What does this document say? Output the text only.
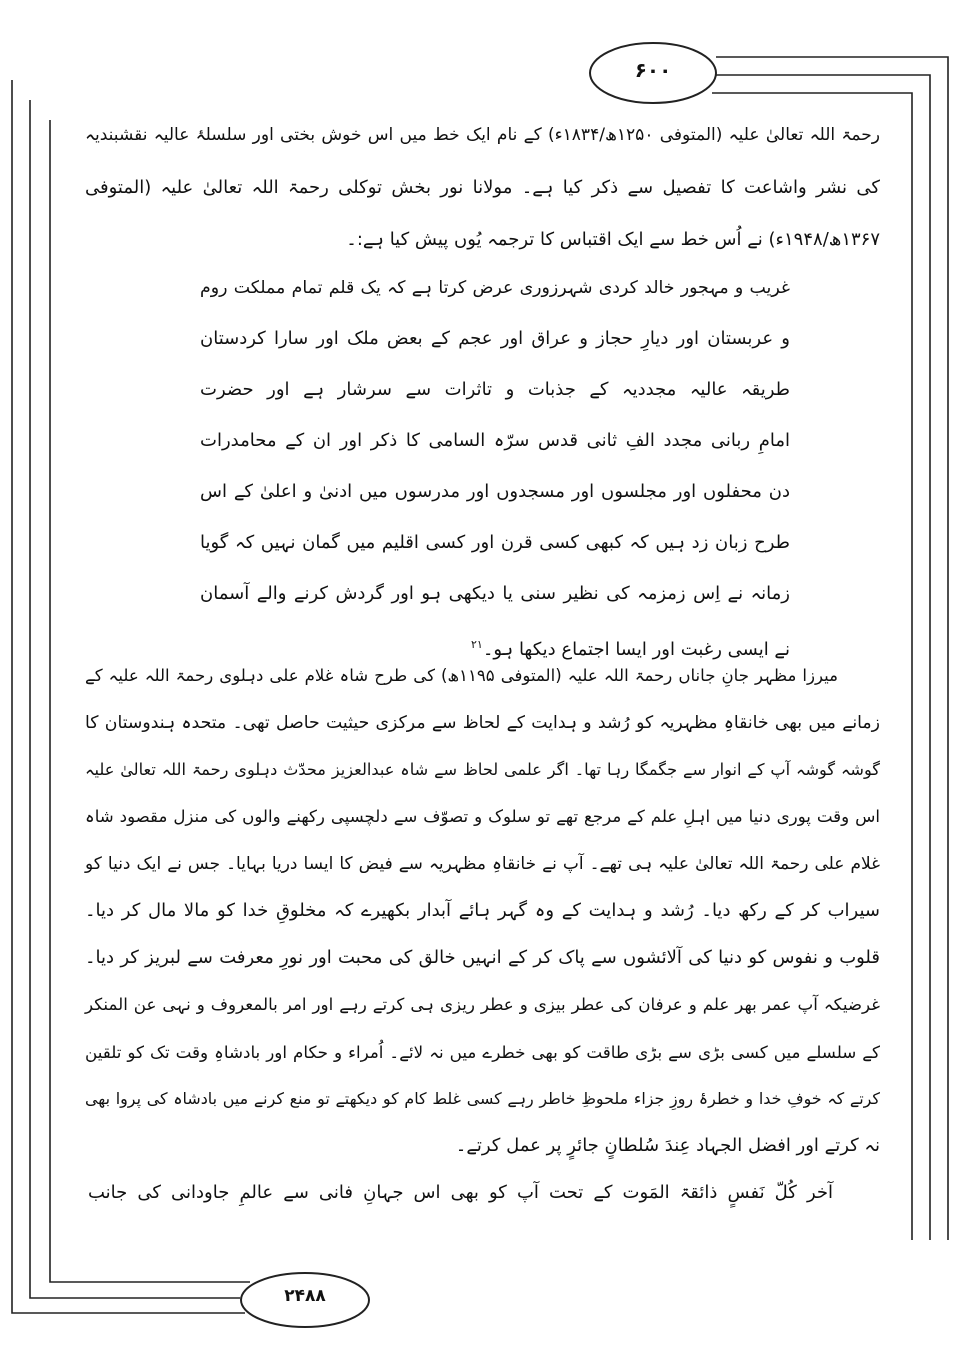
۶۰۰
۲۴۸۸
رحمۃ اللہ تعالیٰ علیہ (المتوفی ۱۲۵۰ھ/۱۸۳۴ء) کے نام ایک خط میں اس خوش بختی اور سلسلۂ عالیہ نقشبندیہ
کی نشر واشاعت کا تفصیل سے ذکر کیا ہے۔ مولانا نور بخش توکلی رحمۃ اللہ تعالیٰ علیہ (المتوفی
۱۳۶۷ھ/۱۹۴۸ء) نے اُس خط سے ایک اقتباس کا ترجمہ یُوں پیش کیا ہے:۔
غریب و مہجور خالد کردی شہرزوری عرض کرتا ہے کہ یک قلم تمام مملکت روم
و عربستان اور دیارِ حجاز و عراق اور عجم کے بعض ملک اور سارا کردستان
طریقہ عالیہ مجددیہ کے جذبات و تاثرات سے سرشار ہے اور حضرت
امامِ ربانی مجدد الفِ ثانی قدس سرّہ السامی کا ذکر اور ان کے محامدرات
دن محفلوں اور مجلسوں اور مسجدوں اور مدرسوں میں ادنیٰ و اعلیٰ کے اس
طرح زبان زد ہیں کہ کبھی کسی قرن اور کسی اقلیم میں گمان نہیں کہ گویا
زمانہ نے اِس زمزمہ کی نظیر سنی یا دیکھی ہو اور گردش کرنے والے آسمان
نے ایسی رغبت اور ایسا اجتماع دیکھا ہو۔$^{۲۱}$
میرزا مظہر جانِ جاناں رحمۃ اللہ علیہ (المتوفی ۱۱۹۵ھ) کی طرح شاہ غلام علی دہلوی رحمۃ اللہ علیہ کے
زمانے میں بھی خانقاہِ مظہریہ کو رُشد و ہدایت کے لحاظ سے مرکزی حیثیت حاصل تھی۔ متحدہ ہندوستان کا
گوشہ گوشہ آپ کے انوار سے جگمگا رہا تھا۔ اگر علمی لحاظ سے شاہ عبدالعزیز محدّث دہلوی رحمۃ اللہ تعالیٰ علیہ
اس وقت پوری دنیا میں اہلِ علم کے مرجع تھے تو سلوک و تصوّف سے دلچسپی رکھنے والوں کی منزل مقصود شاہ
غلام علی رحمۃ اللہ تعالیٰ علیہ ہی تھے۔ آپ نے خانقاہِ مظہریہ سے فیض کا ایسا دریا بہایا۔ جس نے ایک دنیا کو
سیراب کر کے رکھ دیا۔ رُشد و ہدایت کے وہ گہر ہائے آبدار بکھیرے کہ مخلوقِ خدا کو مالا مال کر دیا۔
قلوب و نفوس کو دنیا کی آلائشوں سے پاک کر کے انہیں خالق کی محبت اور نورِ معرفت سے لبریز کر دیا۔
غرضیکہ آپ عمر بھر علم و عرفان کی عطر بیزی و عطر ریزی ہی کرتے رہے اور امر بالمعروف و نہی عن المنکر
کے سلسلے میں کسی بڑی سے بڑی طاقت کو بھی خطرے میں نہ لائے۔ اُمراء و حکام اور بادشاہِ وقت تک کو تلقین
کرتے کہ خوفِ خدا و خطرۂ روزِ جزاء ملحوظِ خاطر رہے کسی غلط کام کو دیکھتے تو منع کرنے میں بادشاہ کی پروا بھی
نہ کرتے اور افضل الجہاد عِندَ سُلطانٍ جائرٍ پر عمل کرتے۔
آخر کُلّ نَفسٍ ذائقۃ المَوت کے تحت آپ کو بھی اس جہانِ فانی سے عالمِ جاودانی کی جانب
